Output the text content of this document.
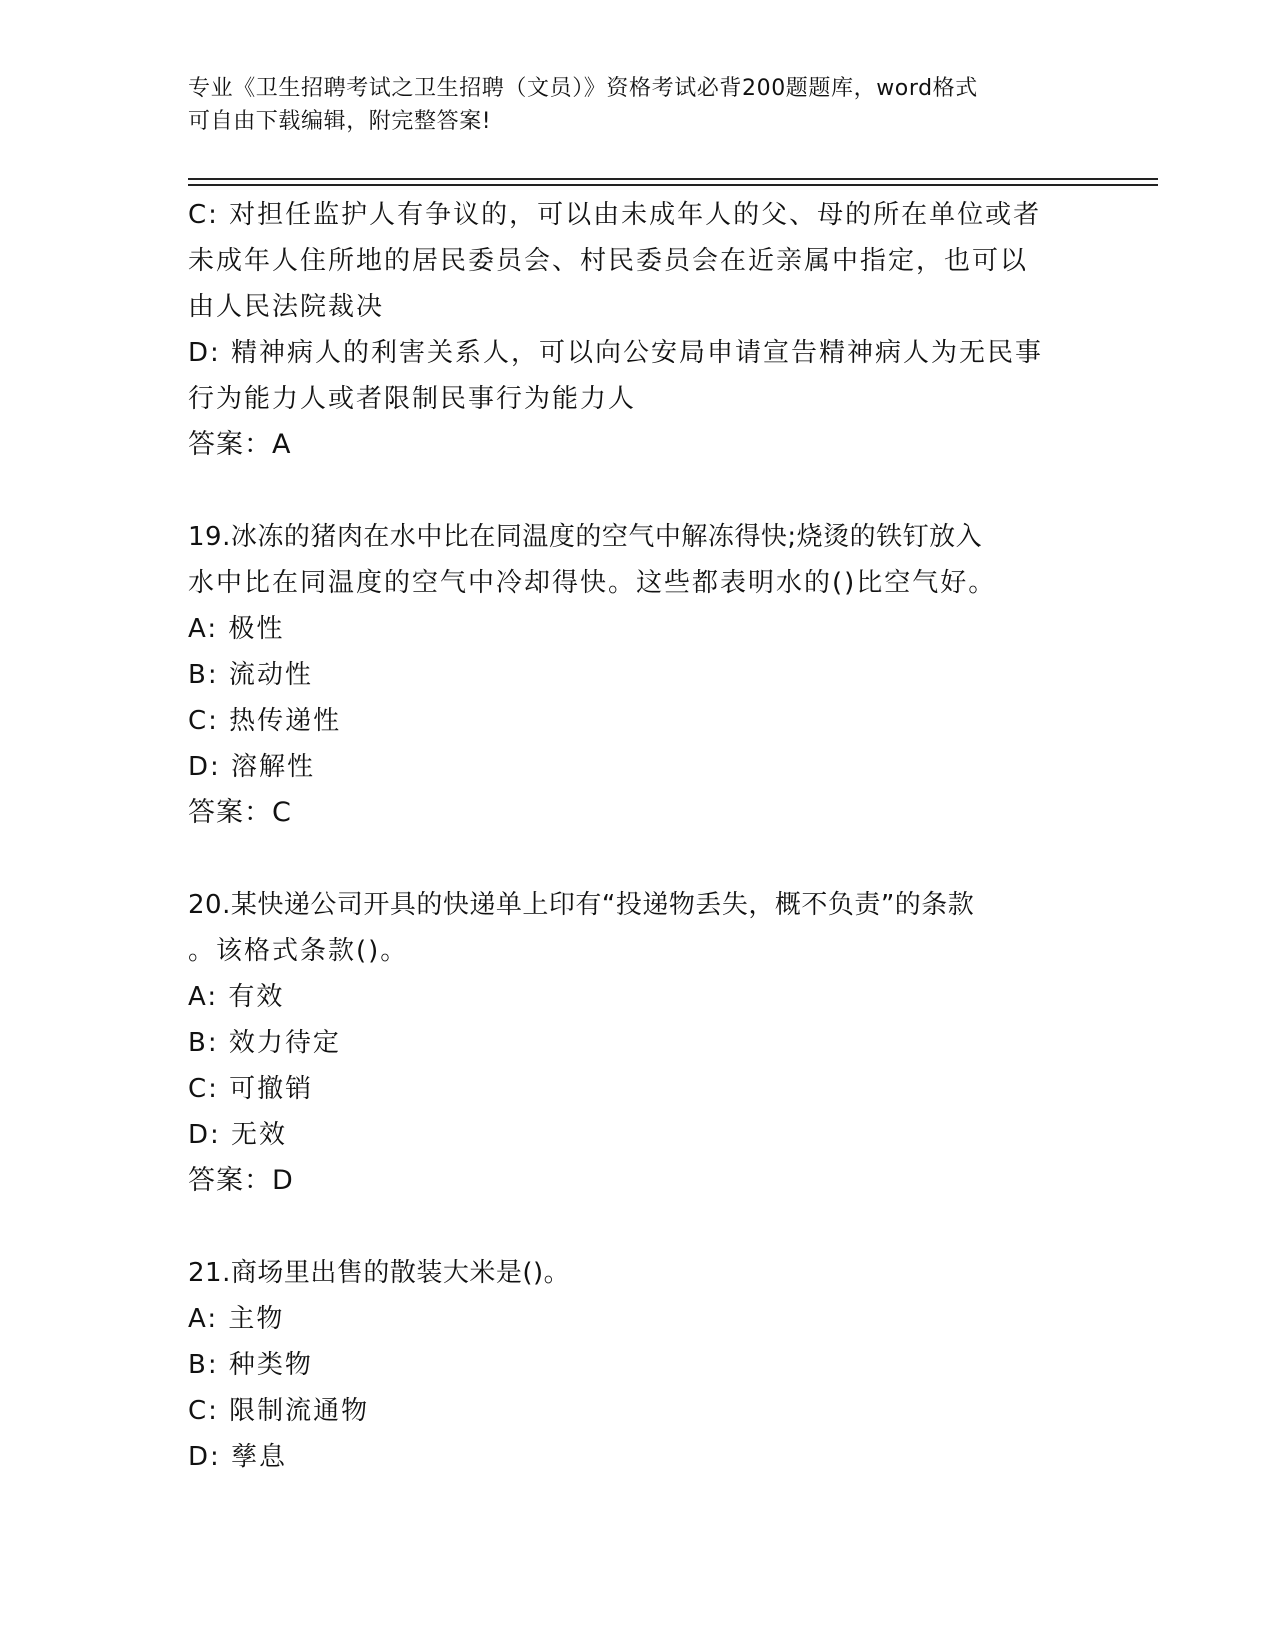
专业《卫生招聘考试之卫生招聘（文员）》资格考试必背200题题库，word格式
可自由下载编辑，附完整答案!
C: 对担任监护人有争议的，可以由未成年人的父、母的所在单位或者
未成年人住所地的居民委员会、村民委员会在近亲属中指定，也可以
由人民法院裁决
D: 精神病人的利害关系人，可以向公安局申请宣告精神病人为无民事
行为能力人或者限制民事行为能力人
答案：A
19.冰冻的猪肉在水中比在同温度的空气中解冻得快;烧烫的铁钉放入
水中比在同温度的空气中冷却得快。这些都表明水的()比空气好。
A: 极性
B: 流动性
C: 热传递性
D: 溶解性
答案：C
20.某快递公司开具的快递单上印有“投递物丢失，概不负责”的条款
。该格式条款()。
A: 有效
B: 效力待定
C: 可撤销
D: 无效
答案：D
21.商场里出售的散装大米是()。
A: 主物
B: 种类物
C: 限制流通物
D: 孳息
